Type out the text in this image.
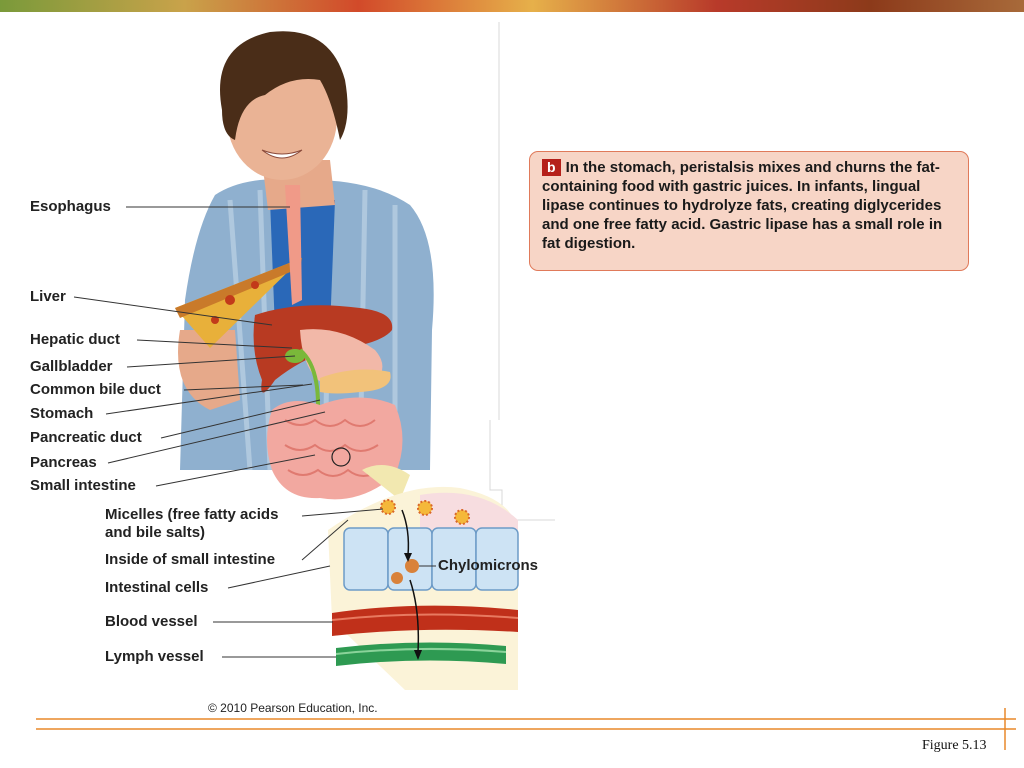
Esophagus
Liver
Hepatic duct
Gallbladder
Common bile duct
Stomach
Pancreatic duct
Pancreas
Small intestine
Micelles (free fatty acids
and bile salts)
Inside of small intestine
Intestinal cells
Blood vessel
Lymph vessel
Chylomicrons
b In the stomach, peristalsis mixes and churns the fat-containing food with gastric juices. In infants, lingual lipase continues to hydrolyze fats, creating diglycerides and one free fatty acid. Gastric lipase has a small role in fat digestion.
© 2010 Pearson Education, Inc.
Figure 5.13
